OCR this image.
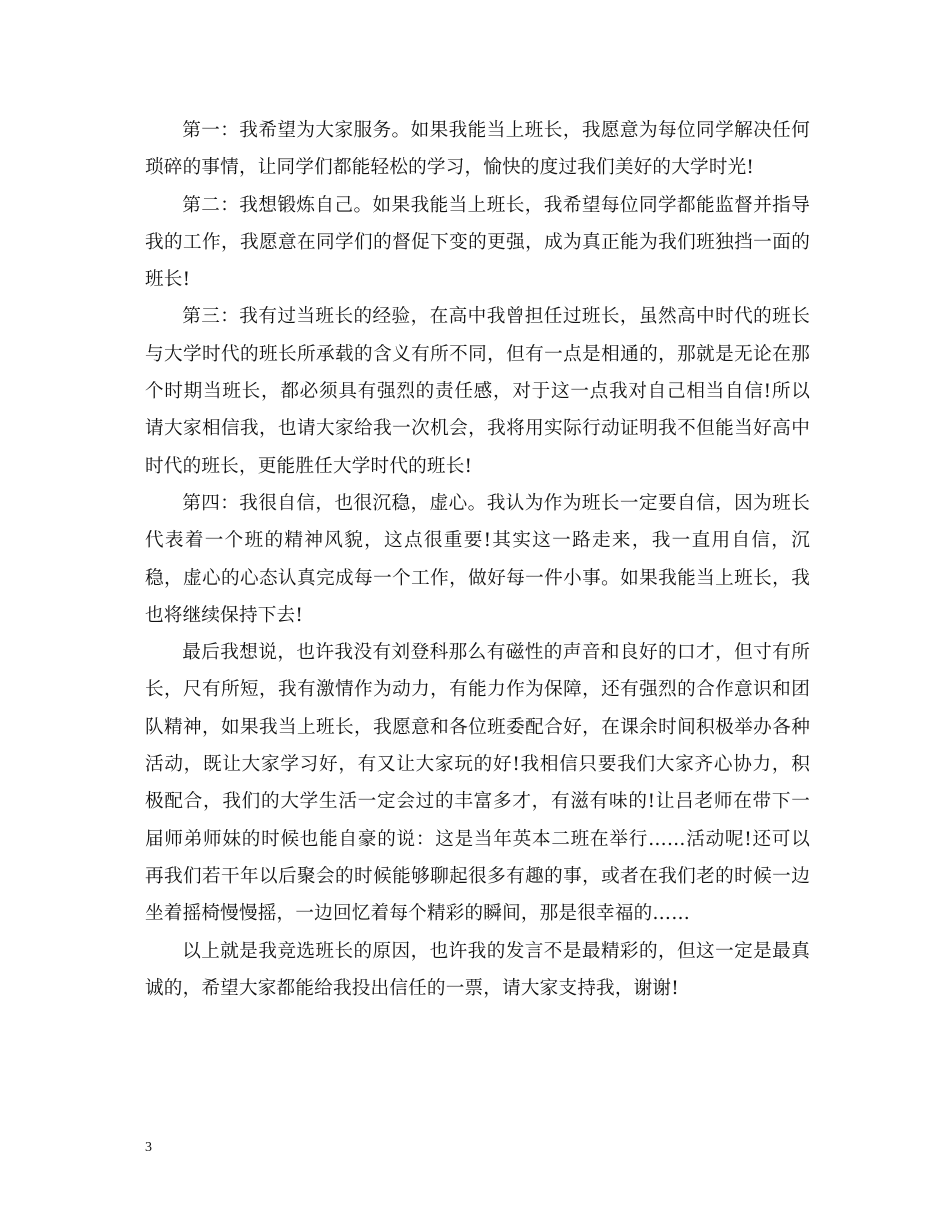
第一：我希望为大家服务。如果我能当上班长，我愿意为每位同学解决任何琐碎的事情，让同学们都能轻松的学习，愉快的度过我们美好的大学时光!

第二：我想锻炼自己。如果我能当上班长，我希望每位同学都能监督并指导我的工作，我愿意在同学们的督促下变的更强，成为真正能为我们班独挡一面的班长!

第三：我有过当班长的经验，在高中我曾担任过班长，虽然高中时代的班长与大学时代的班长所承载的含义有所不同，但有一点是相通的，那就是无论在那个时期当班长，都必须具有强烈的责任感，对于这一点我对自己相当自信!所以请大家相信我，也请大家给我一次机会，我将用实际行动证明我不但能当好高中时代的班长，更能胜任大学时代的班长!

第四：我很自信，也很沉稳，虚心。我认为作为班长一定要自信，因为班长代表着一个班的精神风貌，这点很重要!其实这一路走来，我一直用自信，沉稳，虚心的心态认真完成每一个工作，做好每一件小事。如果我能当上班长，我也将继续保持下去!

最后我想说，也许我没有刘登科那么有磁性的声音和良好的口才，但寸有所长，尺有所短，我有激情作为动力，有能力作为保障，还有强烈的合作意识和团队精神，如果我当上班长，我愿意和各位班委配合好，在课余时间积极举办各种活动，既让大家学习好，有又让大家玩的好!我相信只要我们大家齐心协力，积极配合，我们的大学生活一定会过的丰富多才，有滋有味的!让吕老师在带下一届师弟师妹的时候也能自豪的说：这是当年英本二班在举行……活动呢!还可以再我们若干年以后聚会的时候能够聊起很多有趣的事，或者在我们老的时候一边坐着摇椅慢慢摇，一边回忆着每个精彩的瞬间，那是很幸福的……

以上就是我竞选班长的原因，也许我的发言不是最精彩的，但这一定是最真诚的，希望大家都能给我投出信任的一票，请大家支持我，谢谢!

3
